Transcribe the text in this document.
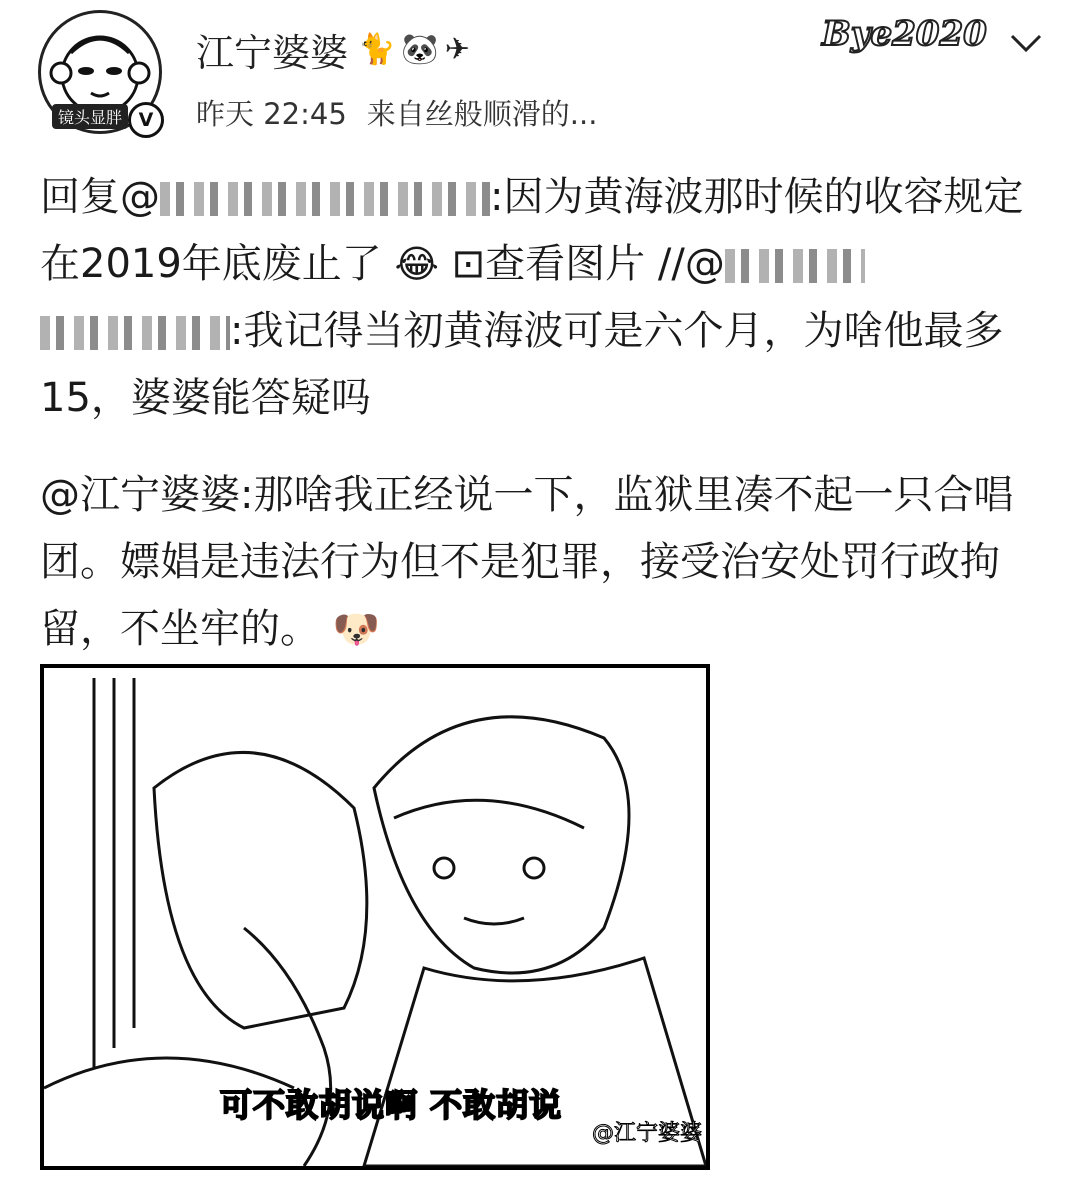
镜头显胖 V
江宁婆婆 🐈 🐼 ✈
昨天 22:45 来自丝般顺滑的...
Bye2020
回复@	:因为黄海波那时候的收容规定在2019年底废止了 😂 ⊡查看图片 //@:我记得当初黄海波可是六个月，为啥他最多15，婆婆能答疑吗
@江宁婆婆:那啥我正经说一下，监狱里凑不起一只合唱团。嫖娼是违法行为但不是犯罪，接受治安处罚行政拘留，不坐牢的。 🐶
可不敢胡说啊 不敢胡说
@江宁婆婆
